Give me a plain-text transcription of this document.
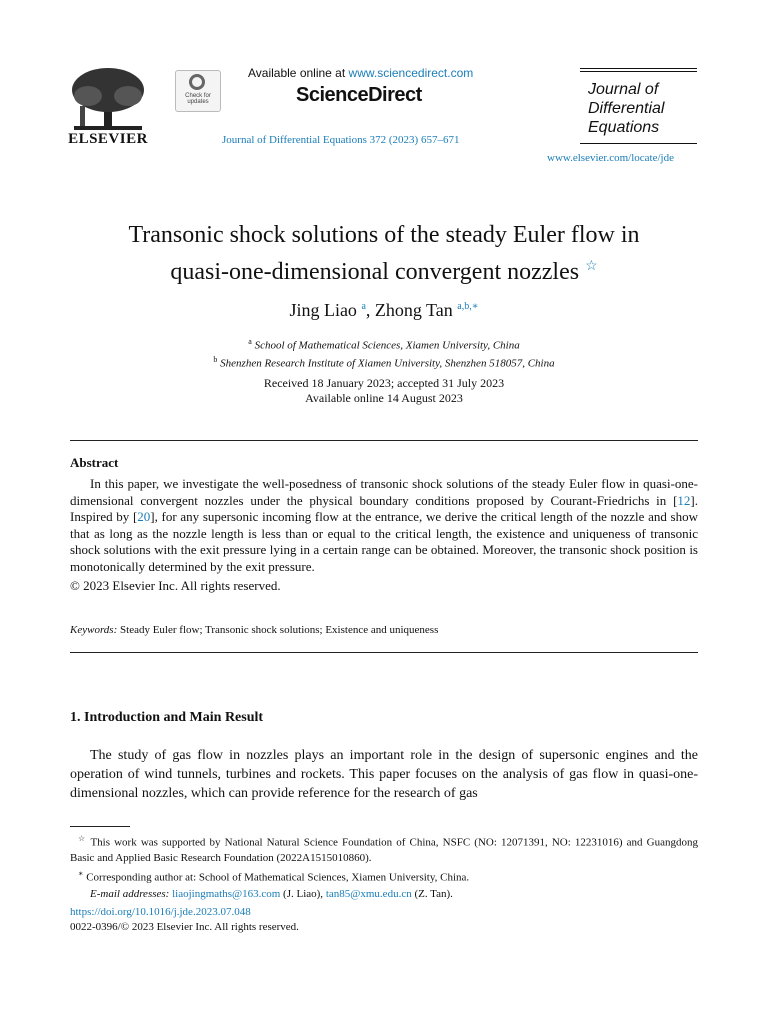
ELSEVIER
Check for updates
Available online at www.sciencedirect.com
ScienceDirect
Journal of Differential Equations 372 (2023) 657–671
Journal of
Differential
Equations
www.elsevier.com/locate/jde
Transonic shock solutions of the steady Euler flow in
quasi-one-dimensional convergent nozzles ☆
Jing Liao $^a$, Zhong Tan $^{a,b,∗}$
$^a$ School of Mathematical Sciences, Xiamen University, China
$^b$ Shenzhen Research Institute of Xiamen University, Shenzhen 518057, China
Received 18 January 2023; accepted 31 July 2023
Available online 14 August 2023
Abstract
In this paper, we investigate the well-posedness of transonic shock solutions of the steady Euler flow in quasi-one-dimensional convergent nozzles under the physical boundary conditions proposed by Courant-Friedrichs in [12]. Inspired by [20], for any supersonic incoming flow at the entrance, we derive the critical length of the nozzle and show that as long as the nozzle length is less than or equal to the critical length, the existence and uniqueness of transonic shock solutions with the exit pressure lying in a certain range can be obtained. Moreover, the transonic shock position is monotonically determined by the exit pressure.
© 2023 Elsevier Inc. All rights reserved.
Keywords: Steady Euler flow; Transonic shock solutions; Existence and uniqueness
1. Introduction and Main Result
The study of gas flow in nozzles plays an important role in the design of supersonic engines and the operation of wind tunnels, turbines and rockets. This paper focuses on the analysis of gas flow in quasi-one-dimensional nozzles, which can provide reference for the research of gas
☆ This work was supported by National Natural Science Foundation of China, NSFC (NO: 12071391, NO: 12231016) and Guangdong Basic and Applied Basic Research Foundation (2022A1515010860).
∗ Corresponding author at: School of Mathematical Sciences, Xiamen University, China.
E-mail addresses: liaojingmaths@163.com (J. Liao), tan85@xmu.edu.cn (Z. Tan).
https://doi.org/10.1016/j.jde.2023.07.048
0022-0396/© 2023 Elsevier Inc. All rights reserved.
